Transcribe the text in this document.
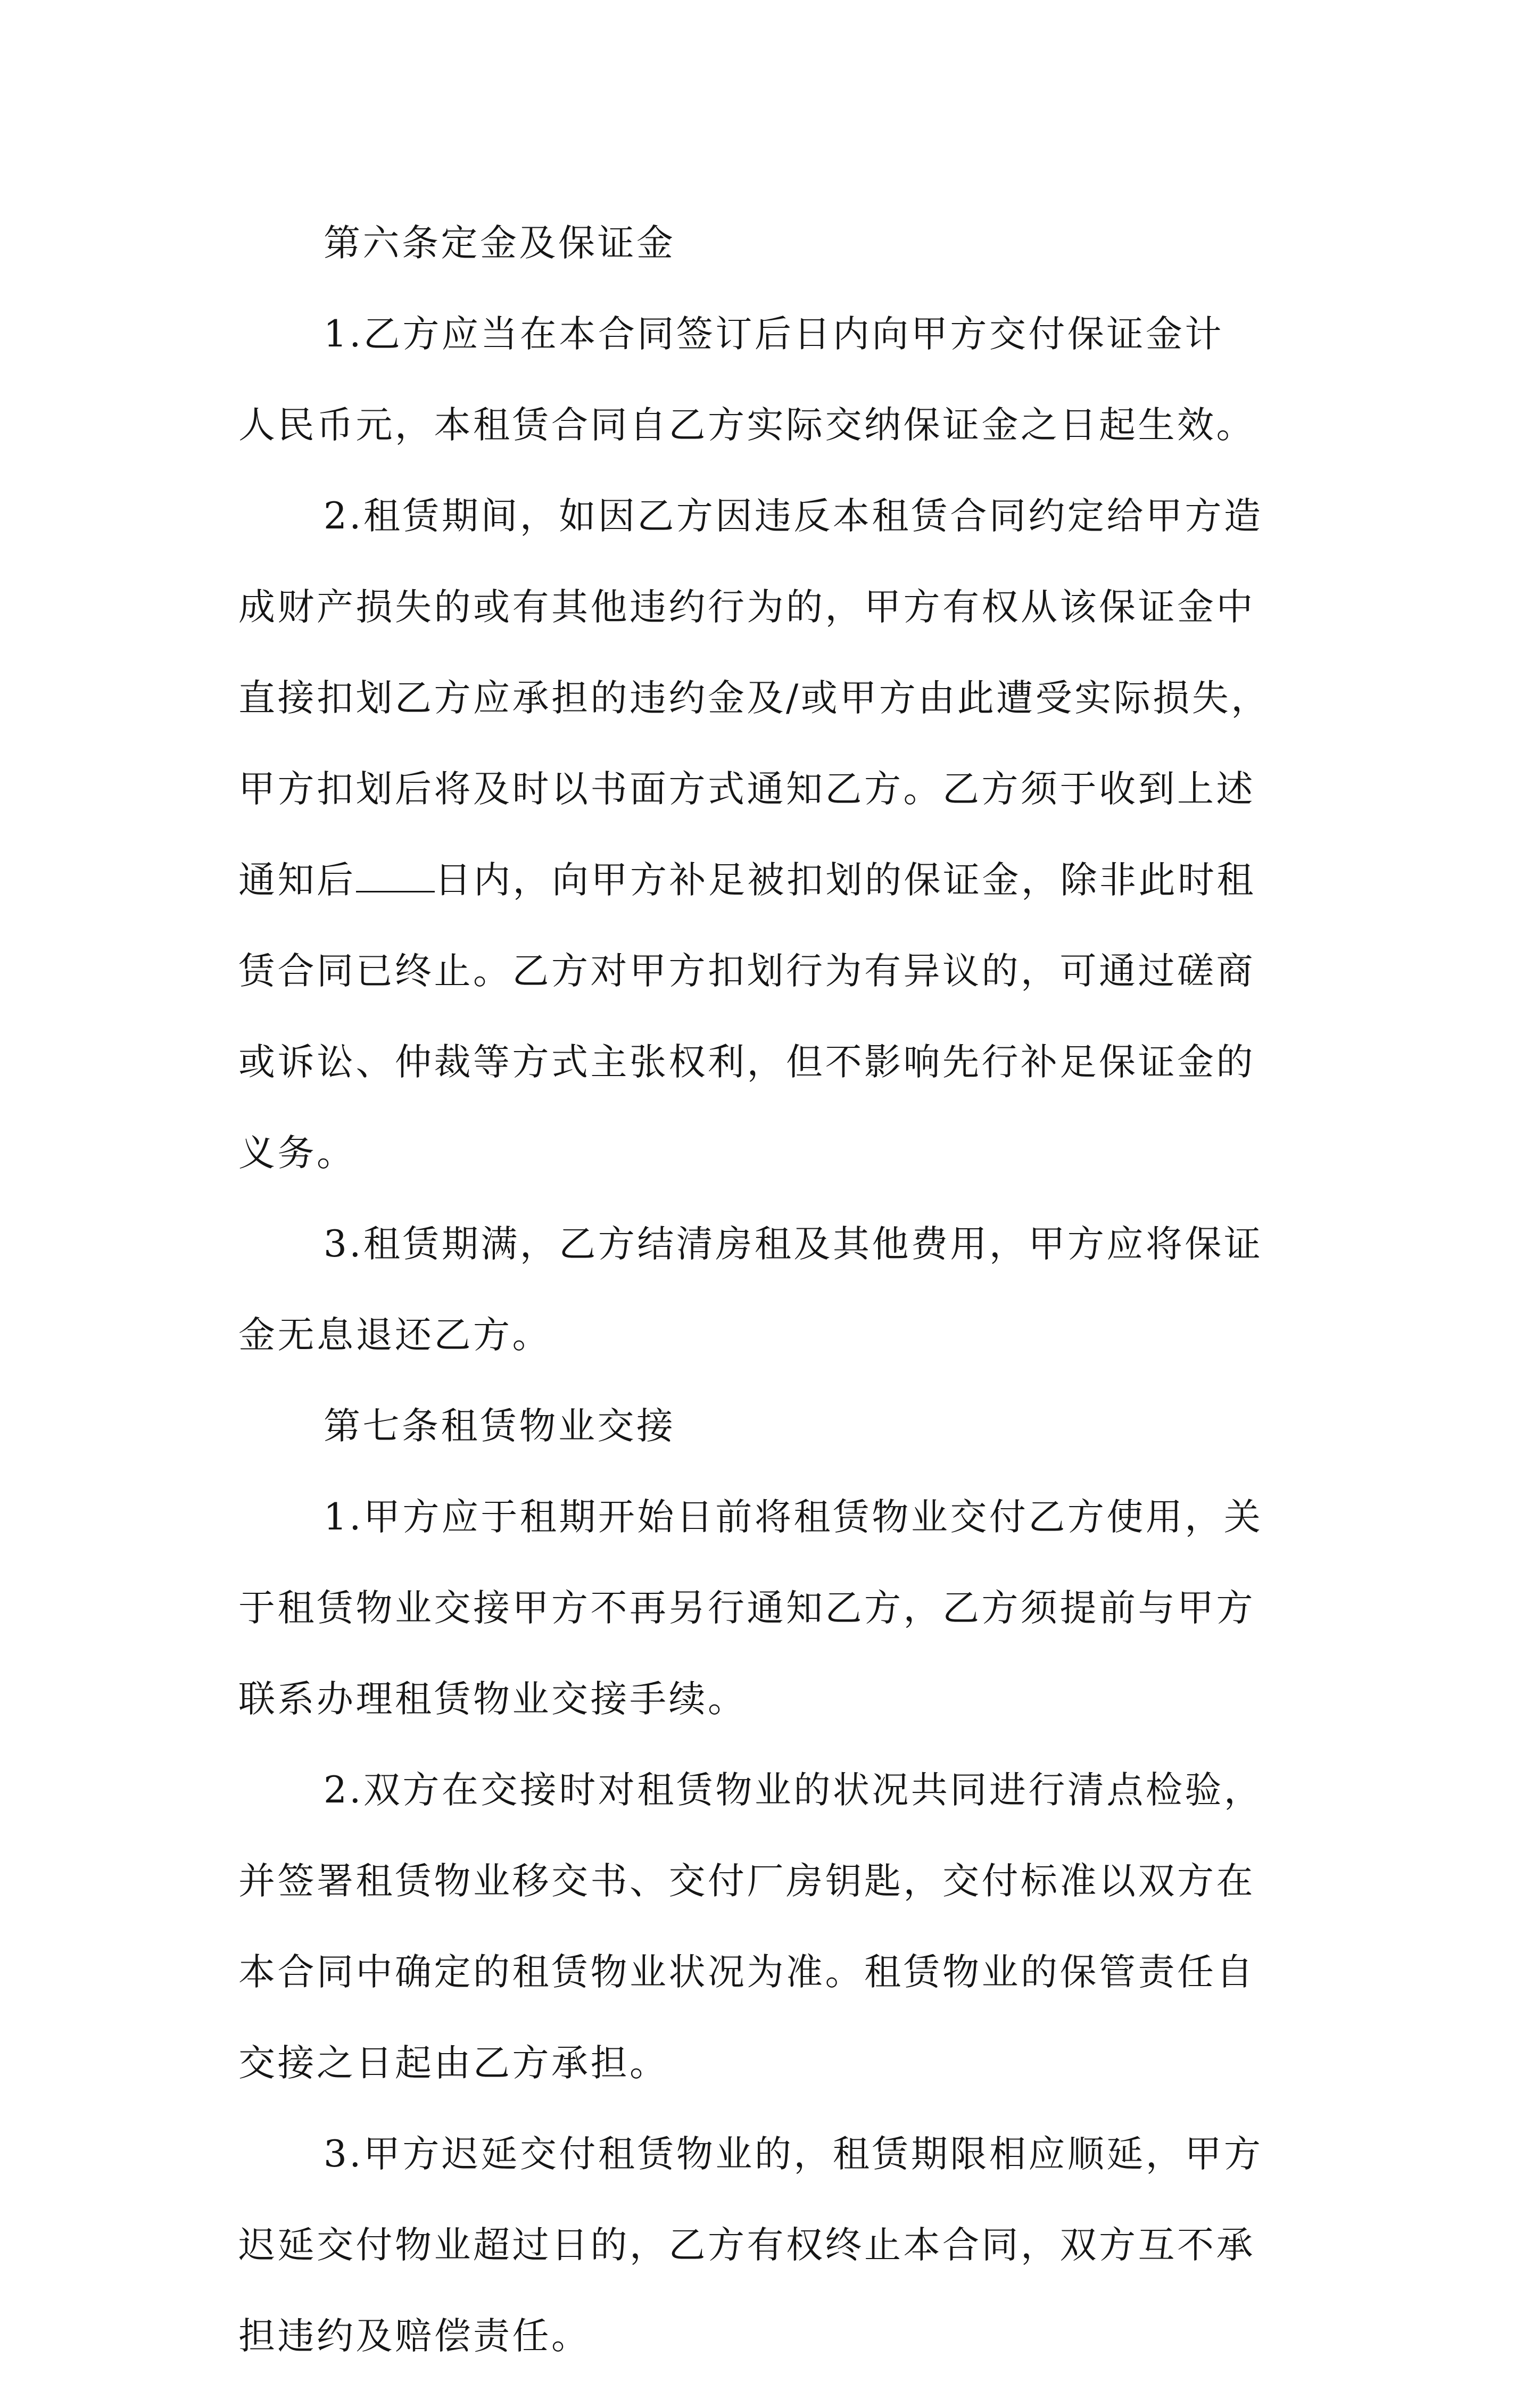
第六条定金及保证金

1.乙方应当在本合同签订后日内向甲方交付保证金计
人民币元，本租赁合同自乙方实际交纳保证金之日起生效。

2.租赁期间，如因乙方因违反本租赁合同约定给甲方造
成财产损失的或有其他违约行为的，甲方有权从该保证金中
直接扣划乙方应承担的违约金及/或甲方由此遭受实际损失，
甲方扣划后将及时以书面方式通知乙方。乙方须于收到上述
通知后 日内，向甲方补足被扣划的保证金，除非此时租
赁合同已终止。乙方对甲方扣划行为有异议的，可通过磋商
或诉讼、仲裁等方式主张权利，但不影响先行补足保证金的
义务。

3.租赁期满，乙方结清房租及其他费用，甲方应将保证
金无息退还乙方。

第七条租赁物业交接

1.甲方应于租期开始日前将租赁物业交付乙方使用，关
于租赁物业交接甲方不再另行通知乙方，乙方须提前与甲方
联系办理租赁物业交接手续。

2.双方在交接时对租赁物业的状况共同进行清点检验，
并签署租赁物业移交书、交付厂房钥匙，交付标准以双方在
本合同中确定的租赁物业状况为准。租赁物业的保管责任自
交接之日起由乙方承担。

3.甲方迟延交付租赁物业的，租赁期限相应顺延，甲方
迟延交付物业超过日的，乙方有权终止本合同，双方互不承
担违约及赔偿责任。
